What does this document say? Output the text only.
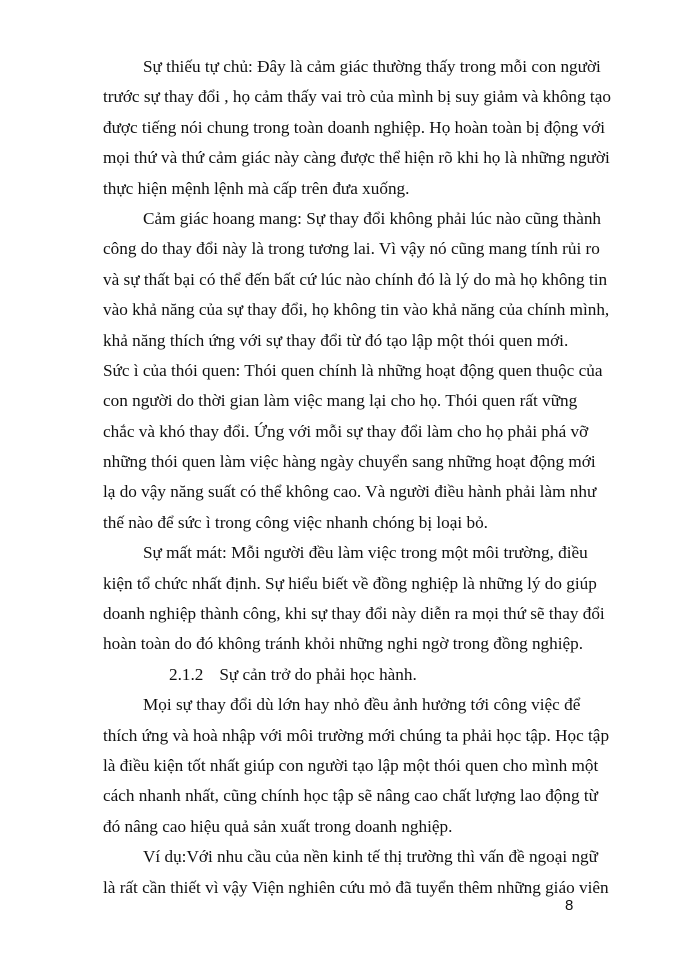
Sự thiếu tự chủ: Đây là cảm giác thường thấy trong mỗi con người
trước sự thay đổi , họ cảm thấy vai trò của mình bị suy giảm và không tạo
được tiếng nói chung trong toàn doanh nghiệp. Họ hoàn toàn bị động với
mọi thứ và thứ cảm giác này càng được thể hiện rõ khi họ là những người
thực hiện mệnh lệnh mà cấp trên đưa xuống.
Cảm giác hoang mang: Sự thay đổi không phải lúc nào cũng thành
công do thay đổi này là trong tương lai. Vì vậy nó cũng mang tính rủi ro
và sự thất bại có thể đến bất cứ lúc nào chính đó là lý do mà họ không tin
vào khả năng của sự thay đổi, họ không tin vào khả năng của chính mình,
khả năng thích ứng với sự thay đổi từ đó tạo lập một thói quen mới.
Sức ì của thói quen: Thói quen chính là những hoạt động quen thuộc của
con người do thời gian làm việc mang lại cho họ. Thói quen rất vững
chắc và khó thay đổi. Ứng với mỗi sự thay đổi làm cho họ phải phá vỡ
những thói quen làm việc hàng ngày chuyển sang những hoạt động mới
lạ do vậy năng suất có thể không cao. Và người điều hành phải làm như
thế nào để sức ì trong công việc nhanh chóng bị loại bỏ.
Sự mất mát: Mỗi người đều làm việc trong một môi trường, điều
kiện tổ chức nhất định. Sự hiểu biết về đồng nghiệp là những lý do giúp
doanh nghiệp thành công, khi sự thay đổi này diễn ra mọi thứ sẽ thay đổi
hoàn toàn do đó không tránh khỏi những nghi ngờ trong đồng nghiệp.
2.1.2 Sự cản trở do phải học hành.
Mọi sự thay đổi dù lớn hay nhỏ đều ảnh hưởng tới công việc để
thích ứng và hoà nhập với môi trường mới chúng ta phải học tập. Học tập
là điều kiện tốt nhất giúp con người tạo lập một thói quen cho mình một
cách nhanh nhất, cũng chính học tập sẽ nâng cao chất lượng lao động từ
đó nâng cao hiệu quả sản xuất trong doanh nghiệp.
Ví dụ:Với nhu cầu của nền kinh tế thị trường thì vấn đề ngoại ngữ
là rất cần thiết vì vậy Viện nghiên cứu mỏ đã tuyển thêm những giáo viên
8
